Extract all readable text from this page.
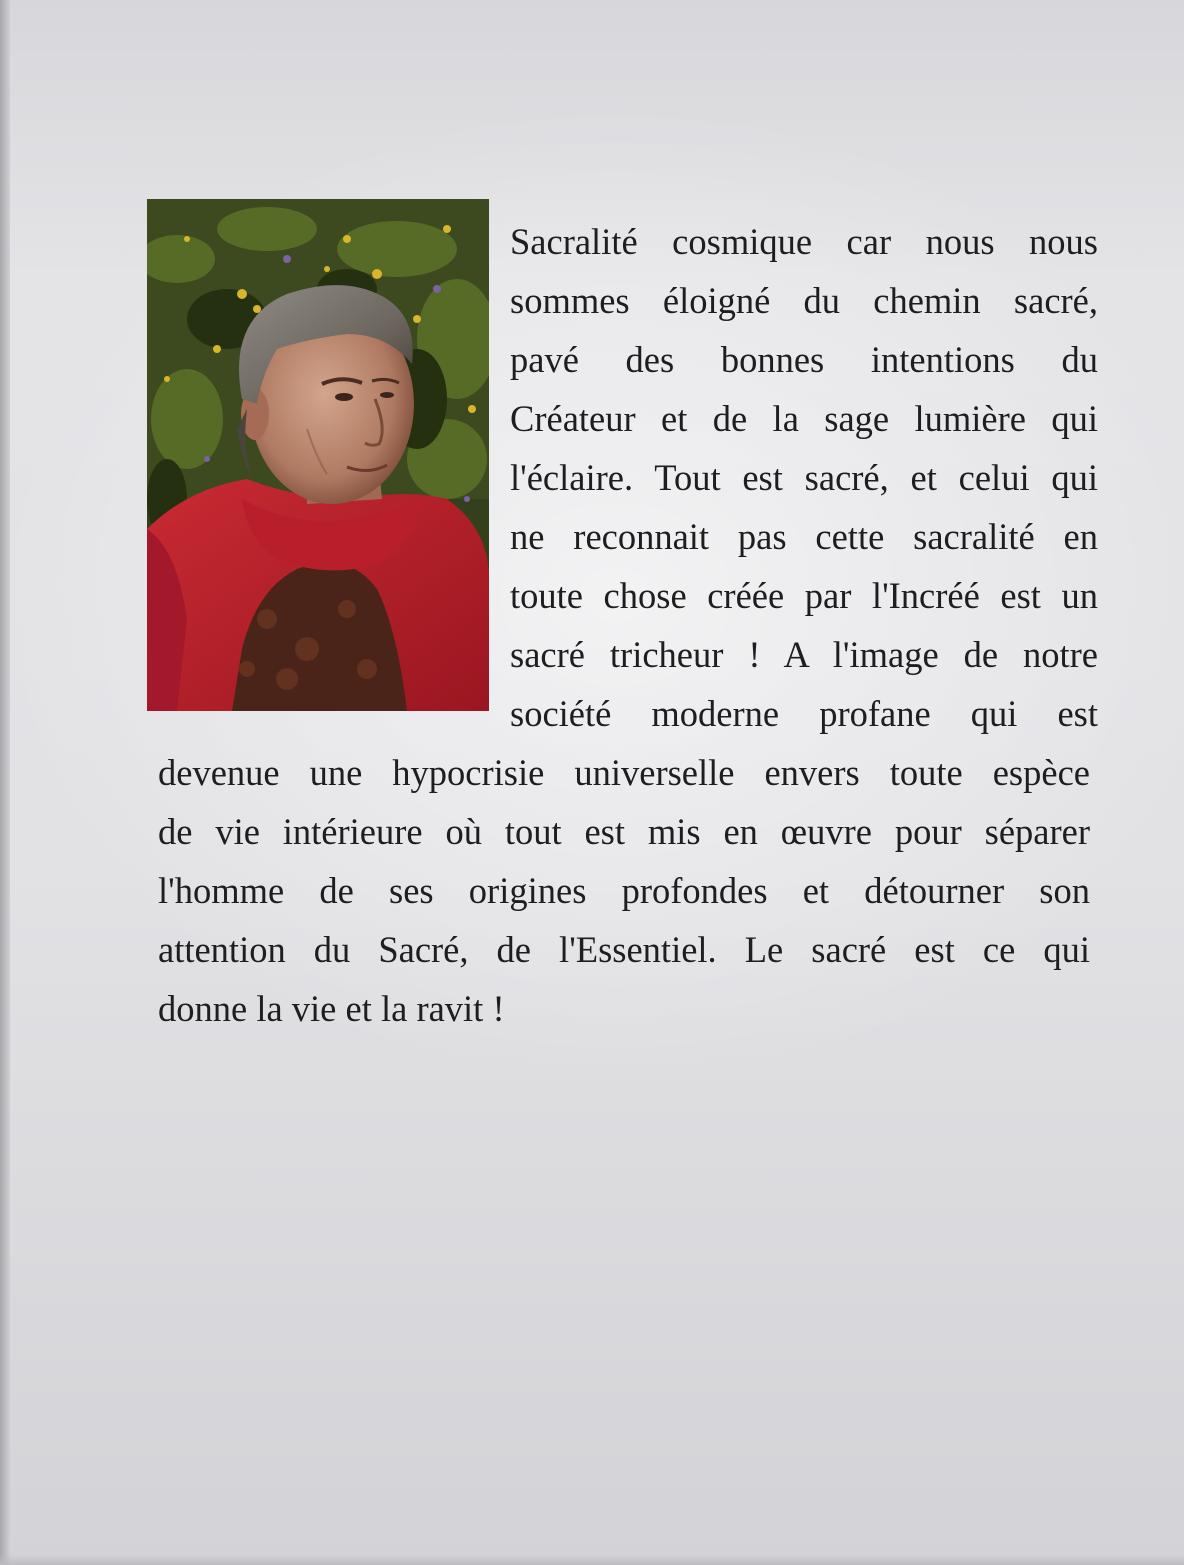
Sacralité cosmique car nous nous
sommes éloigné du chemin sacré,
pavé des bonnes intentions du
Créateur et de la sage lumière qui
l'éclaire. Tout est sacré, et celui qui
ne reconnait pas cette sacralité en
toute chose créée par l'Incréé est un
sacré tricheur ! A l'image de notre
société moderne profane qui est
devenue une hypocrisie universelle envers toute espèce
de vie intérieure où tout est mis en œuvre pour séparer
l'homme de ses origines profondes et détourner son
attention du Sacré, de l'Essentiel. Le sacré est ce qui
donne la vie et la ravit !
